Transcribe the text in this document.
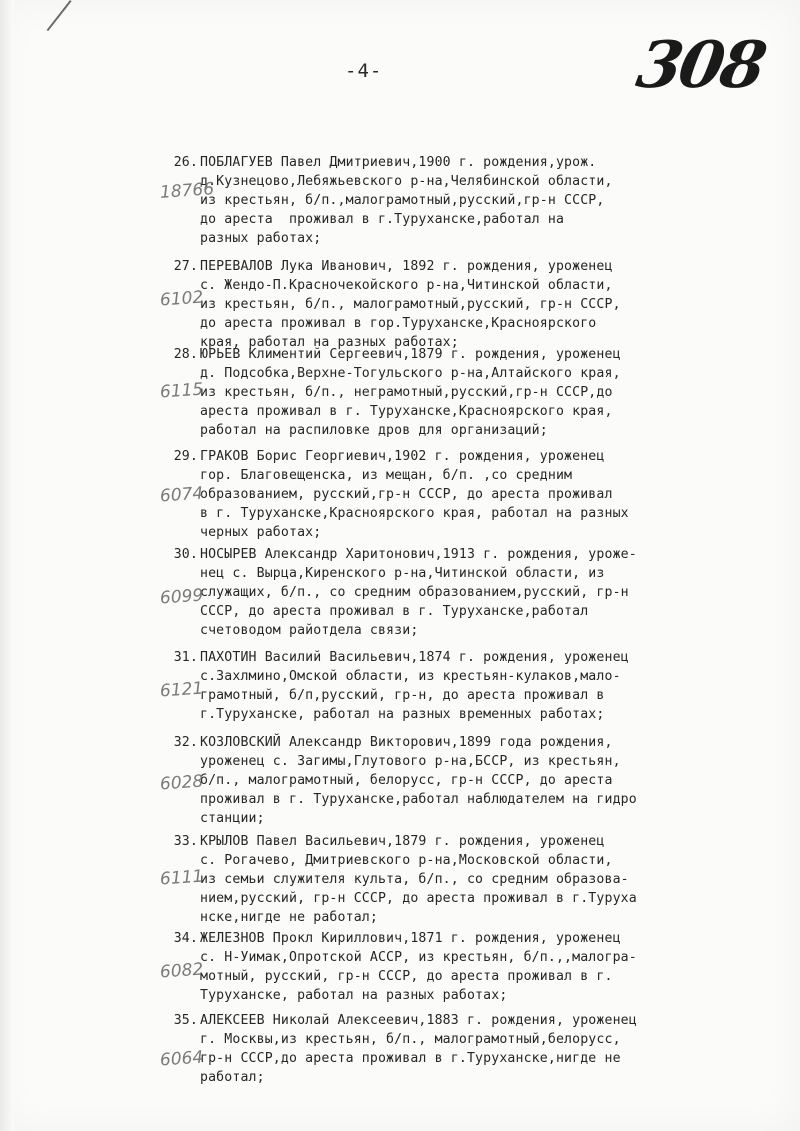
-4-	308
26. ПОБЛАГУЕВ Павел Дмитриевич,1900 г. рождения,урож.
д.Кузнецово,Лебяжьевского р-на,Челябинской области,
из крестьян, б/п.,малограмотный,русский,гр-н СССР,
до ареста  проживал в г.Туруханске,работал на
разных работах;
18766
27. ПЕРЕВАЛОВ Лука Иванович, 1892 г. рождения, уроженец
с. Жендо-П.Красночекойского р-на,Читинской области,
из крестьян, б/п., малограмотный,русский, гр-н СССР,
до ареста проживал в гор.Туруханске,Красноярского
края, работал на разных работах;
6102
28. ЮРЬЕВ Климентий Сергеевич,1879 г. рождения, уроженец
д. Подсобка,Верхне-Тогульского р-на,Алтайского края,
из крестьян, б/п., неграмотный,русский,гр-н СССР,до
ареста проживал в г. Туруханске,Красноярского края,
работал на распиловке дров для организаций;
6115
29. ГРАКОВ Борис Георгиевич,1902 г. рождения, уроженец
гор. Благовещенска, из мещан, б/п. ,со средним
образованием, русский,гр-н СССР, до ареста проживал
в г. Туруханске,Красноярского края, работал на разных
черных работах;
6074
30. НОСЫРЕВ Александр Харитонович,1913 г. рождения, уроже-
нец с. Вырца,Киренского р-на,Читинской области, из
служащих, б/п., со средним образованием,русский, гр-н
СССР, до ареста проживал в г. Туруханске,работал
счетоводом райотдела связи;
6099
31. ПАХОТИН Василий Васильевич,1874 г. рождения, уроженец
с.Захлмино,Омской области, из крестьян-кулаков,мало-
грамотный, б/п,русский, гр-н, до ареста проживал в
г.Туруханске, работал на разных временных работах;
6121
32. КОЗЛОВСКИЙ Александр Викторович,1899 года рождения,
уроженец с. Загимы,Глутового р-на,БССР, из крестьян,
б/п., малограмотный, белорусс, гр-н СССР, до ареста
проживал в г. Туруханске,работал наблюдателем на гидро
станции;
6028
33. КРЫЛОВ Павел Васильевич,1879 г. рождения, уроженец
с. Рогачево, Дмитриевского р-на,Московской области,
из семьи служителя культа, б/п., со средним образова-
нием,русский, гр-н СССР, до ареста проживал в г.Туруха
нске,нигде не работал;
6111
34. ЖЕЛЕЗНОВ Прокл Кириллович,1871 г. рождения, уроженец
с. Н-Уимак,Опротской АССР, из крестьян, б/п.,,малогра-
мотный, русский, гр-н СССР, до ареста проживал в г.
Туруханске, работал на разных работах;
6082
35. АЛЕКСЕЕВ Николай Алексеевич,1883 г. рождения, уроженец
г. Москвы,из крестьян, б/п., малограмотный,белорусс,
гр-н СССР,до ареста проживал в г.Туруханске,нигде не
работал;
6064
